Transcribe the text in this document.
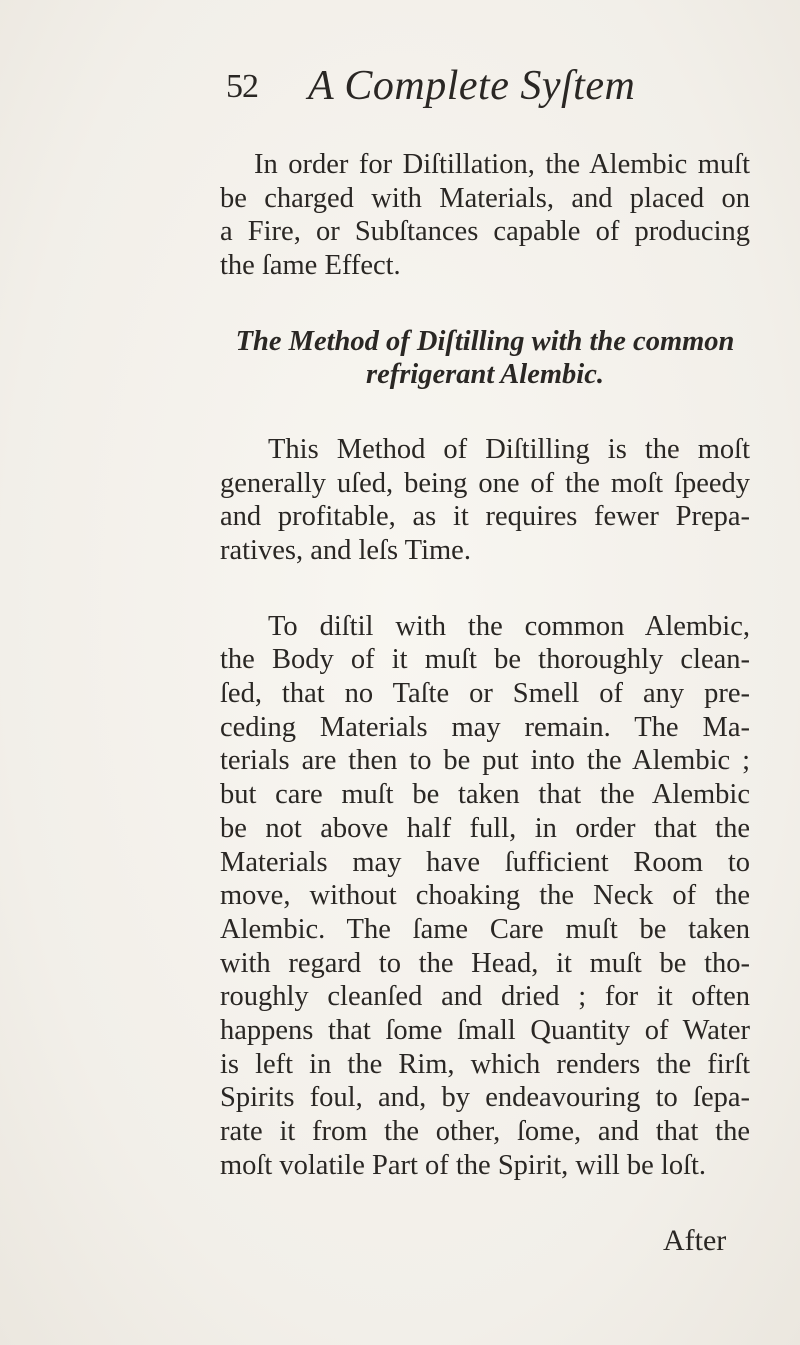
52 A Complete Syſtem

In order for Diſtillation, the Alembic muſt
be charged with Materials, and placed on
a Fire, or Subſtances capable of producing
the ſame Effect.

The Method of Diſtilling with the common
refrigerant Alembic.

This Method of Diſtilling is the moſt
generally uſed, being one of the moſt ſpeedy
and profitable, as it requires fewer Prepa-
ratives, and leſs Time.

To diſtil with the common Alembic,
the Body of it muſt be thoroughly clean-
ſed, that no Taſte or Smell of any pre-
ceding Materials may remain. The Ma-
terials are then to be put into the Alembic ;
but care muſt be taken that the Alembic
be not above half full, in order that the
Materials may have ſufficient Room to
move, without choaking the Neck of the
Alembic. The ſame Care muſt be taken
with regard to the Head, it muſt be tho-
roughly cleanſed and dried ; for it often
happens that ſome ſmall Quantity of Water
is left in the Rim, which renders the firſt
Spirits foul, and, by endeavouring to ſepa-
rate it from the other, ſome, and that the
moſt volatile Part of the Spirit, will be loſt.

After
